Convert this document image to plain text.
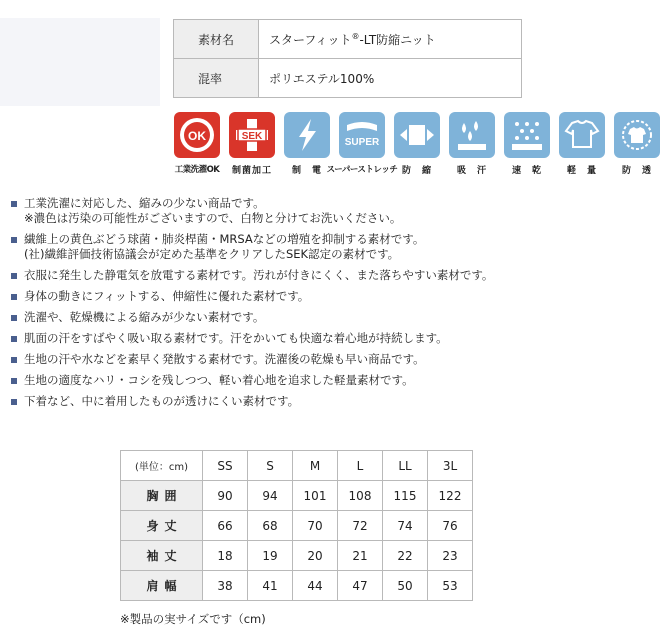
素材名	スターフィット®-LT防縮ニット
混率	ポリエステル100%
OK
工業洗濯OK
SEK
制菌加工 制　電
SUPER
スーパーストレッチ 防　縮	吸　汗	速　乾	軽　量	防　透
工業洗濯に対応した、縮みの少ない商品です。
※濃色は汚染の可能性がございますので、白物と分けてお洗いください。
繊維上の黄色ぶどう球菌・肺炎桿菌・MRSAなどの増殖を抑制する素材です。
(社)繊維評価技術協議会が定めた基準をクリアしたSEK認定の素材です。
衣服に発生した静電気を放電する素材です。汚れが付きにくく、また落ちやすい素材です。
身体の動きにフィットする、伸縮性に優れた素材です。
洗濯や、乾燥機による縮みが少ない素材です。
肌面の汗をすばやく吸い取る素材です。汗をかいても快適な着心地が持続します。
生地の汗や水などを素早く発散する素材です。洗濯後の乾燥も早い商品です。
生地の適度なハリ・コシを残しつつ、軽い着心地を追求した軽量素材です。
下着など、中に着用したものが透けにくい素材です。
(単位：cm)	SS	S	M	L	LL	3L
胸囲	90	94	101	108	115	122
身丈	66	68	70	72	74	76
袖丈	18	19	20	21	22	23
肩幅	38	41	44	47	50	53
※製品の実サイズです（cm)
